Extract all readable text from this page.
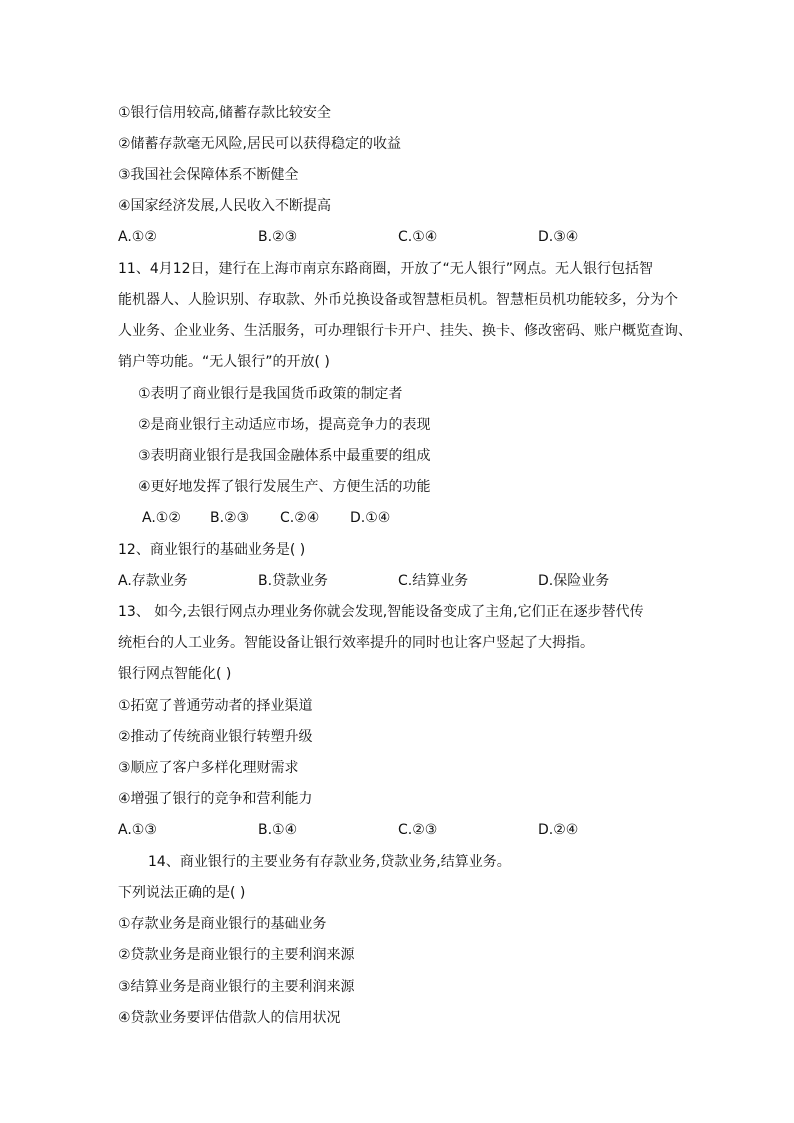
①银行信用较高,储蓄存款比较安全
②储蓄存款毫无风险,居民可以获得稳定的收益
③我国社会保障体系不断健全
④国家经济发展,人民收入不断提高
A.①②	B.②③	C.①④	D.③④
11、4月12日，建行在上海市南京东路商圈，开放了“无人银行”网点。无人银行包括智
能机器人、人脸识别、存取款、外币兑换设备或智慧柜员机。智慧柜员机功能较多，分为个
人业务、企业业务、生活服务，可办理银行卡开户、挂失、换卡、修改密码、账户概览查询、
销户等功能。“无人银行”的开放( )
①表明了商业银行是我国货币政策的制定者
②是商业银行主动适应市场，提高竞争力的表现
③表明商业银行是我国金融体系中最重要的组成
④更好地发挥了银行发展生产、方便生活的功能
A.①② B.②③ C.②④ D.①④
12、商业银行的基础业务是( )
A.存款业务	B.贷款业务	C.结算业务	D.保险业务
13、 如今,去银行网点办理业务你就会发现,智能设备变成了主角,它们正在逐步替代传
统柜台的人工业务。智能设备让银行效率提升的同时也让客户竖起了大拇指。
银行网点智能化( )
①拓宽了普通劳动者的择业渠道
②推动了传统商业银行转塑升级
③顺应了客户多样化理财需求
④增强了银行的竞争和营利能力
A.①③	B.①④	C.②③	D.②④
14、商业银行的主要业务有存款业务,贷款业务,结算业务。
下列说法正确的是( )
①存款业务是商业银行的基础业务
②贷款业务是商业银行的主要利润来源
③结算业务是商业银行的主要利润来源
④贷款业务要评估借款人的信用状况
